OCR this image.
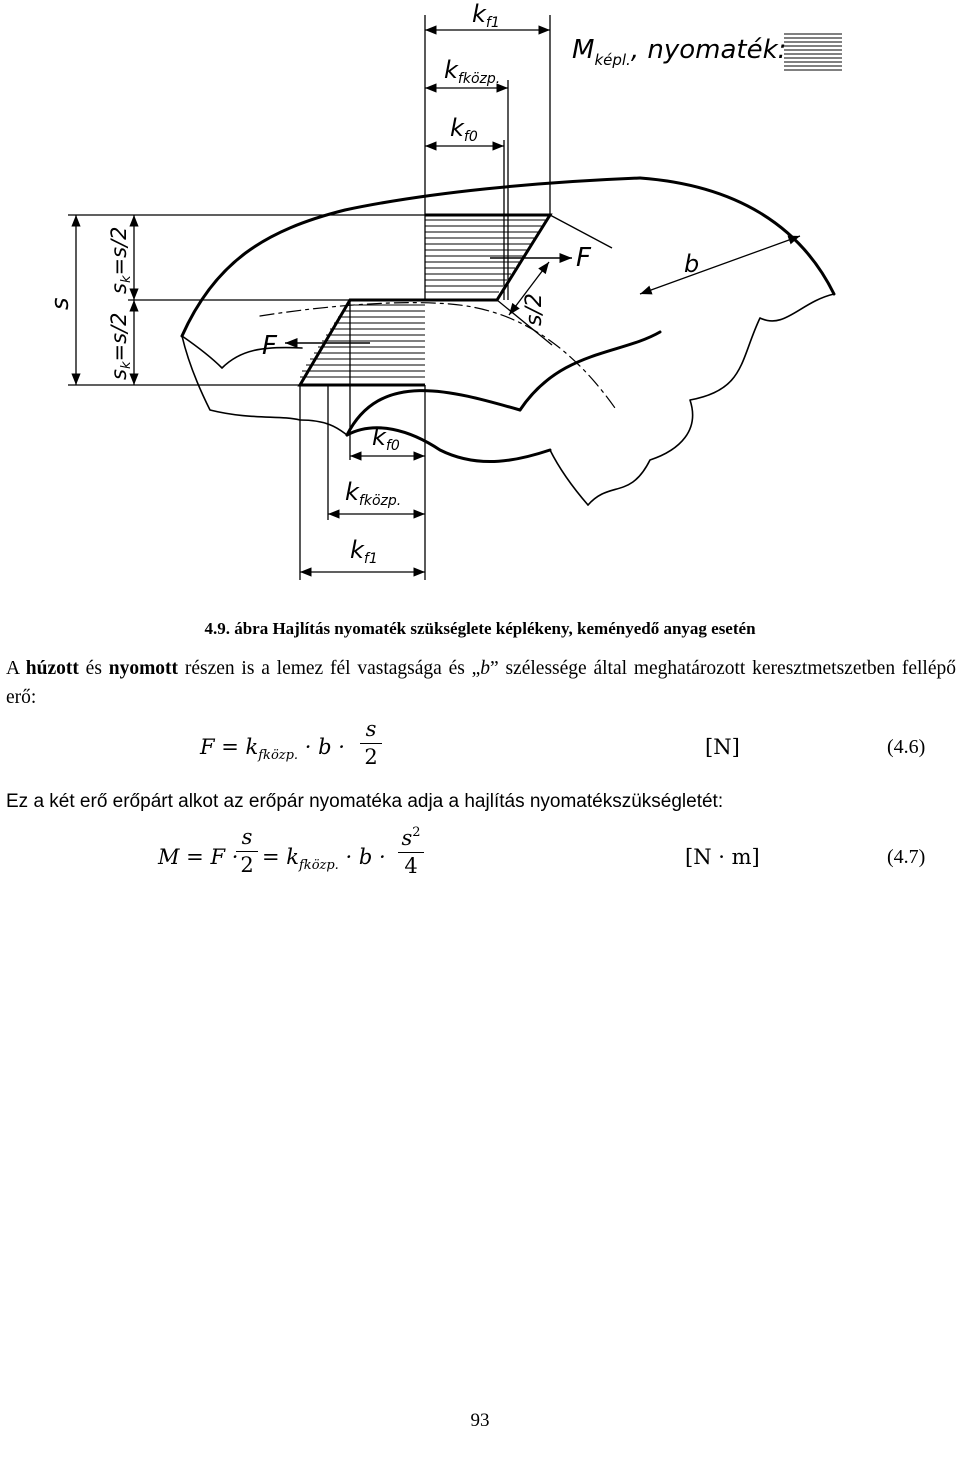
$k_{f1}$
$k_{fközp.}$
$k_{f0}$
$M_{képl.}$, nyomaték:
F
F
b
s/2
s
sk=s/2
sk=s/2
$k_{f0}$
$k_{fközp.}$
$k_{f1}$
4.9. ábra Hajlítás nyomaték szükséglete képlékeny, keményedő anyag esetén
A húzott és nyomott részen is a lemez fél vastagsága és „b” szélessége által meghatározott keresztmetszetben fellépő erő:
$F = k_{fközp.} \cdot b$ ·
s
2	[N]	(4.6)
Ez a két erő erőpárt alkot az erőpár nyomatéka adja a hajlítás nyomatékszükségletét:
M = F ·
s
$2 = k_{fközp.} \cdot b$ ·
$s^2$
4	[N · m]	(4.7)
93
